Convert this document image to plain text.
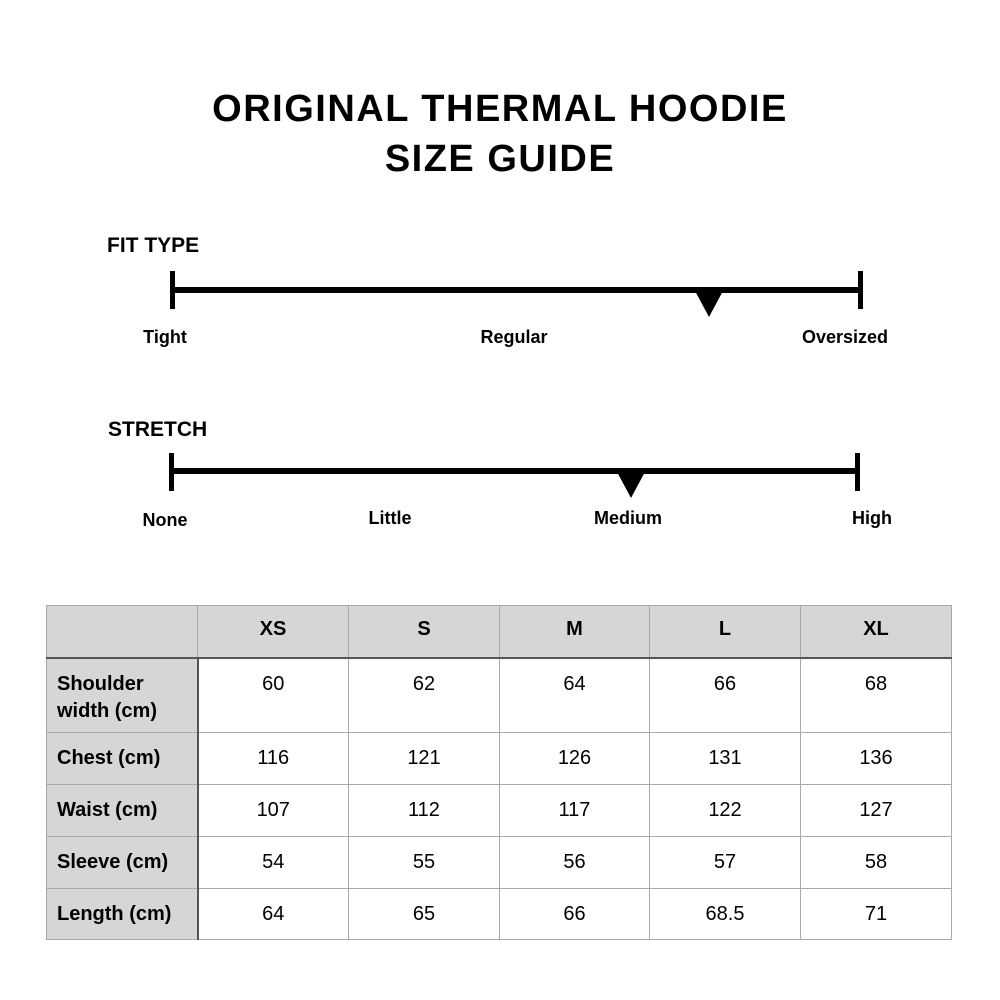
ORIGINAL THERMAL HOODIE
SIZE GUIDE
FIT TYPE
Tight	Regular	Oversized
STRETCH
None	Little	Medium	High
	XS	S	M	L	XL
Shoulder width (cm)	60	62	64	66	68
Chest (cm)	116	121	126	131	136
Waist (cm)	107	112	117	122	127
Sleeve (cm)	54	55	56	57	58
Length (cm)	64	65	66	68.5	71
